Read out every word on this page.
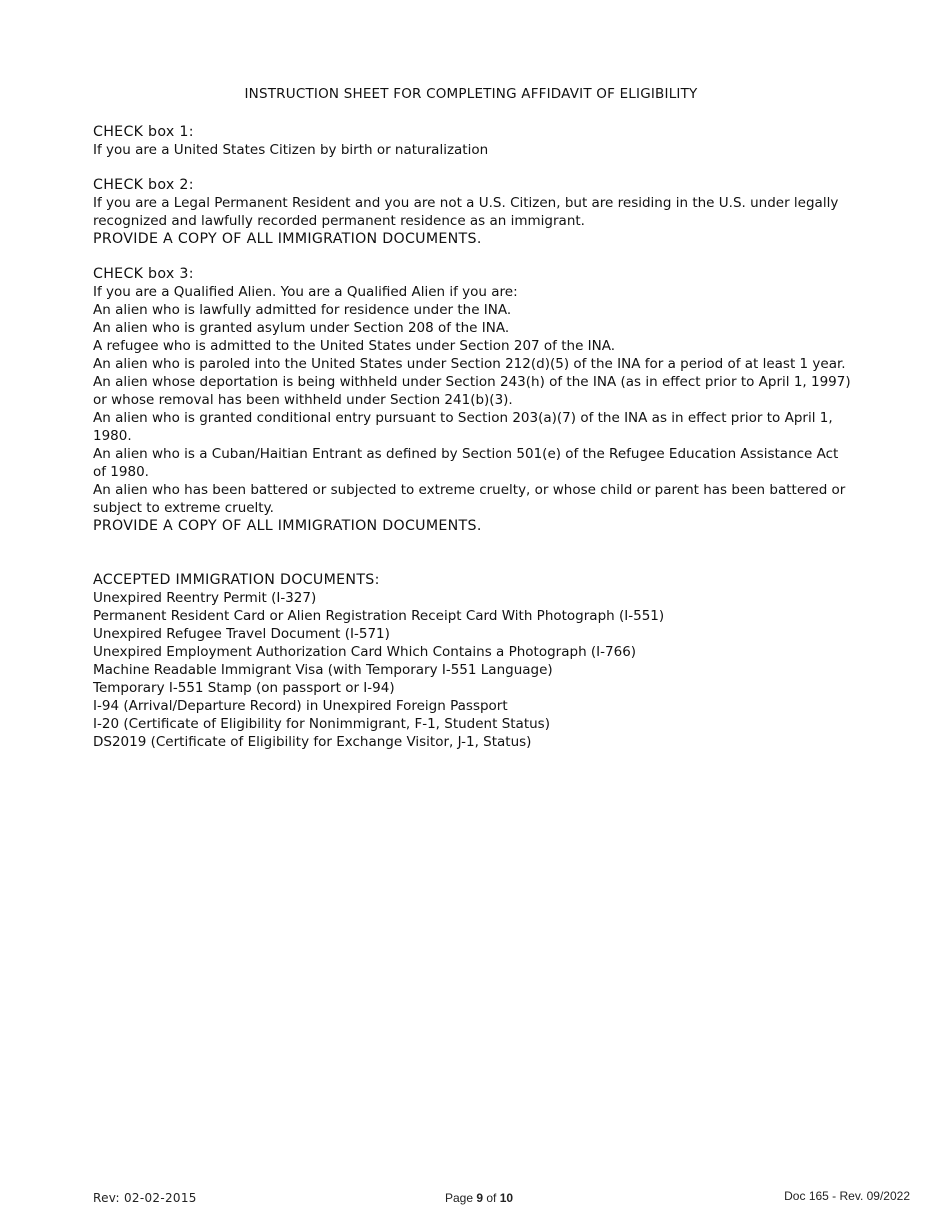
INSTRUCTION SHEET FOR COMPLETING AFFIDAVIT OF ELIGIBILITY
CHECK box 1:
If you are a United States Citizen by birth or naturalization
CHECK box 2:
If you are a Legal Permanent Resident and you are not a U.S. Citizen, but are residing in the U.S. under legally
recognized and lawfully recorded permanent residence as an immigrant.
PROVIDE A COPY OF ALL IMMIGRATION DOCUMENTS.
CHECK box 3:
If you are a Qualified Alien. You are a Qualified Alien if you are:
An alien who is lawfully admitted for residence under the INA.
An alien who is granted asylum under Section 208 of the INA.
A refugee who is admitted to the United States under Section 207 of the INA.
An alien who is paroled into the United States under Section 212(d)(5) of the INA for a period of at least 1 year.
An alien whose deportation is being withheld under Section 243(h) of the INA (as in effect prior to April 1, 1997)
or whose removal has been withheld under Section 241(b)(3).
An alien who is granted conditional entry pursuant to Section 203(a)(7) of the INA as in effect prior to April 1,
1980.
An alien who is a Cuban/Haitian Entrant as defined by Section 501(e) of the Refugee Education Assistance Act
of 1980.
An alien who has been battered or subjected to extreme cruelty, or whose child or parent has been battered or
subject to extreme cruelty.
PROVIDE A COPY OF ALL IMMIGRATION DOCUMENTS.
ACCEPTED IMMIGRATION DOCUMENTS:
Unexpired Reentry Permit (I-327)
Permanent Resident Card or Alien Registration Receipt Card With Photograph (I-551)
Unexpired Refugee Travel Document (I-571)
Unexpired Employment Authorization Card Which Contains a Photograph (I-766)
Machine Readable Immigrant Visa (with Temporary I-551 Language)
Temporary I-551 Stamp (on passport or I-94)
I-94 (Arrival/Departure Record) in Unexpired Foreign Passport
I-20 (Certificate of Eligibility for Nonimmigrant, F-1, Student Status)
DS2019 (Certificate of Eligibility for Exchange Visitor, J-1, Status)
Rev: 02-02-2015	Page 9 of 10	Doc 165 - Rev. 09/2022
